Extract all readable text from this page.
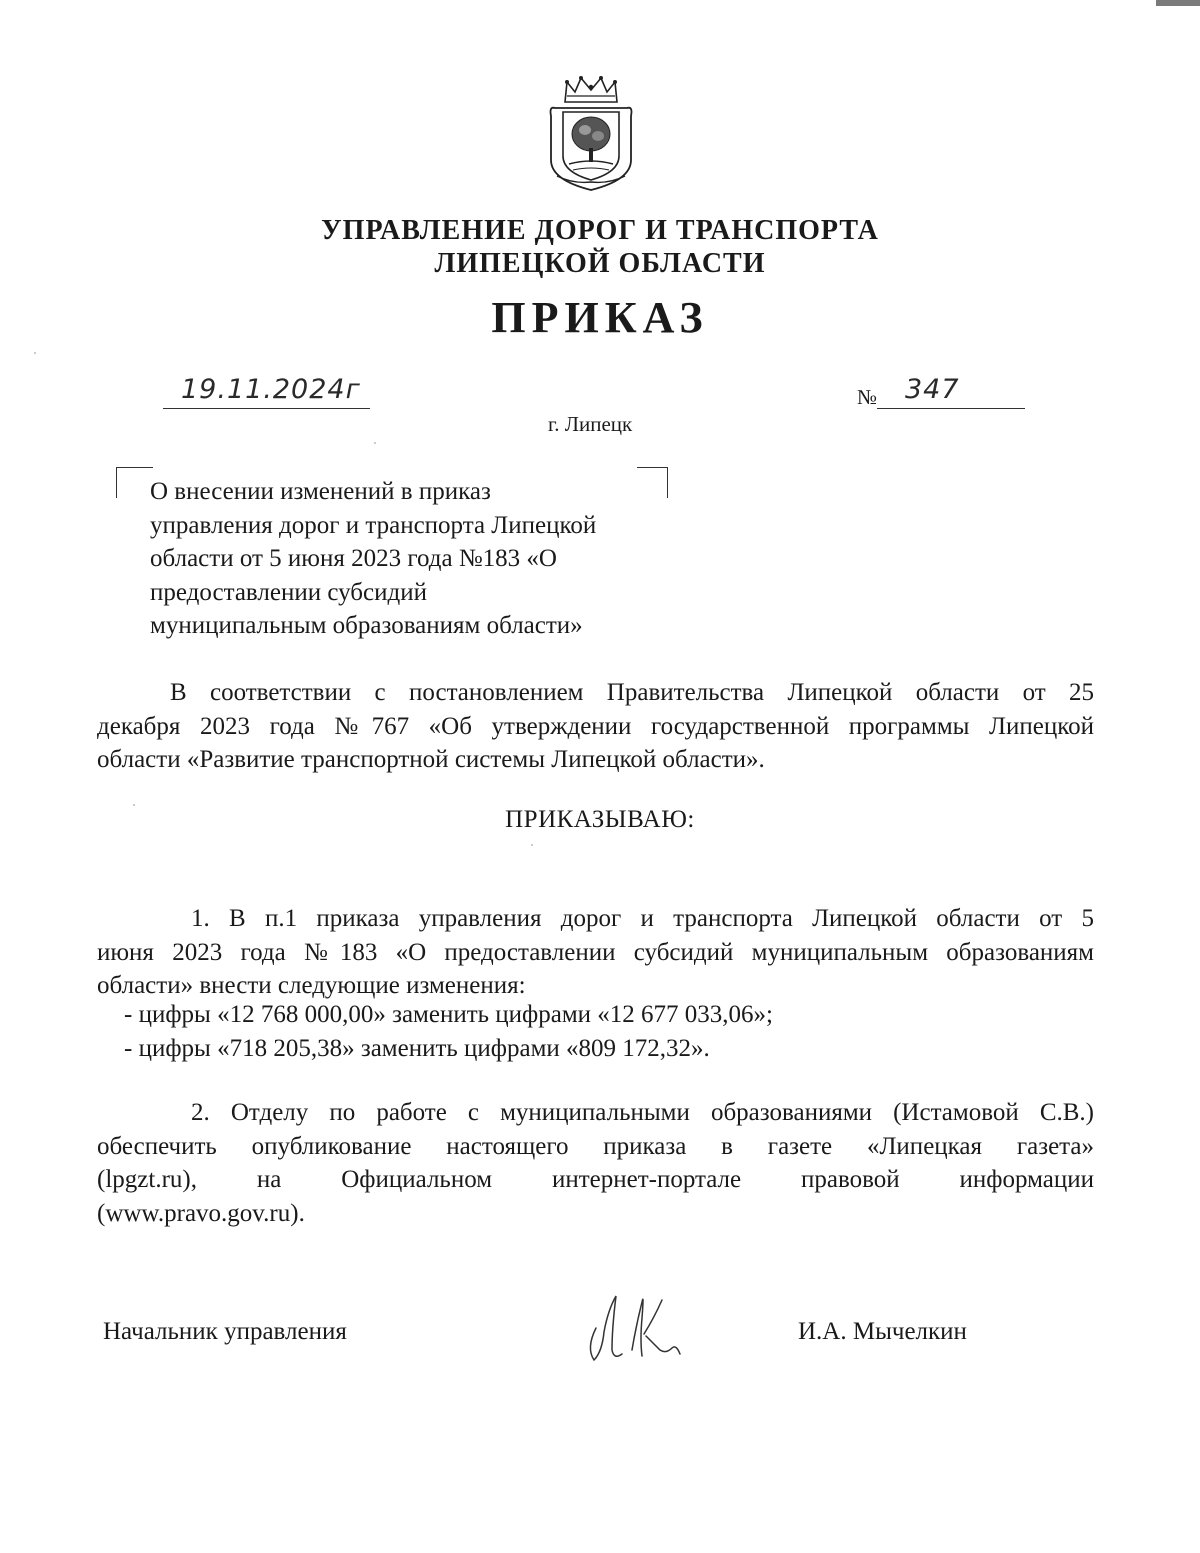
УПРАВЛЕНИЕ ДОРОГ И ТРАНСПОРТА
ЛИПЕЦКОЙ ОБЛАСТИ
ПРИКАЗ
19.11.2024г	№ 347
г. Липецк
О внесении изменений в приказ
управления дорог и транспорта Липецкой
области от 5 июня 2023 года №183 «О
предоставлении субсидий
муниципальным образованиям области»
В соответствии с постановлением Правительства Липецкой области от 25
декабря 2023 года №767 «Об утверждении государственной программы Липецкой
области «Развитие транспортной системы Липецкой области».
ПРИКАЗЫВАЮ:
1. В п.1 приказа управления дорог и транспорта Липецкой области от 5
июня 2023 года №183 «О предоставлении субсидий муниципальным образованиям
области» внести следующие изменения:
- цифры «12 768 000,00» заменить цифрами «12 677 033,06»;
- цифры «718 205,38» заменить цифрами «809 172,32».
2. Отделу по работе с муниципальными образованиями (Истамовой С.В.)
обеспечить опубликование настоящего приказа в газете «Липецкая газета»
(lpgzt.ru), на Официальном интернет-портале правовой информации
(www.pravo.gov.ru).
Начальник управления	И.А. Мычелкин
